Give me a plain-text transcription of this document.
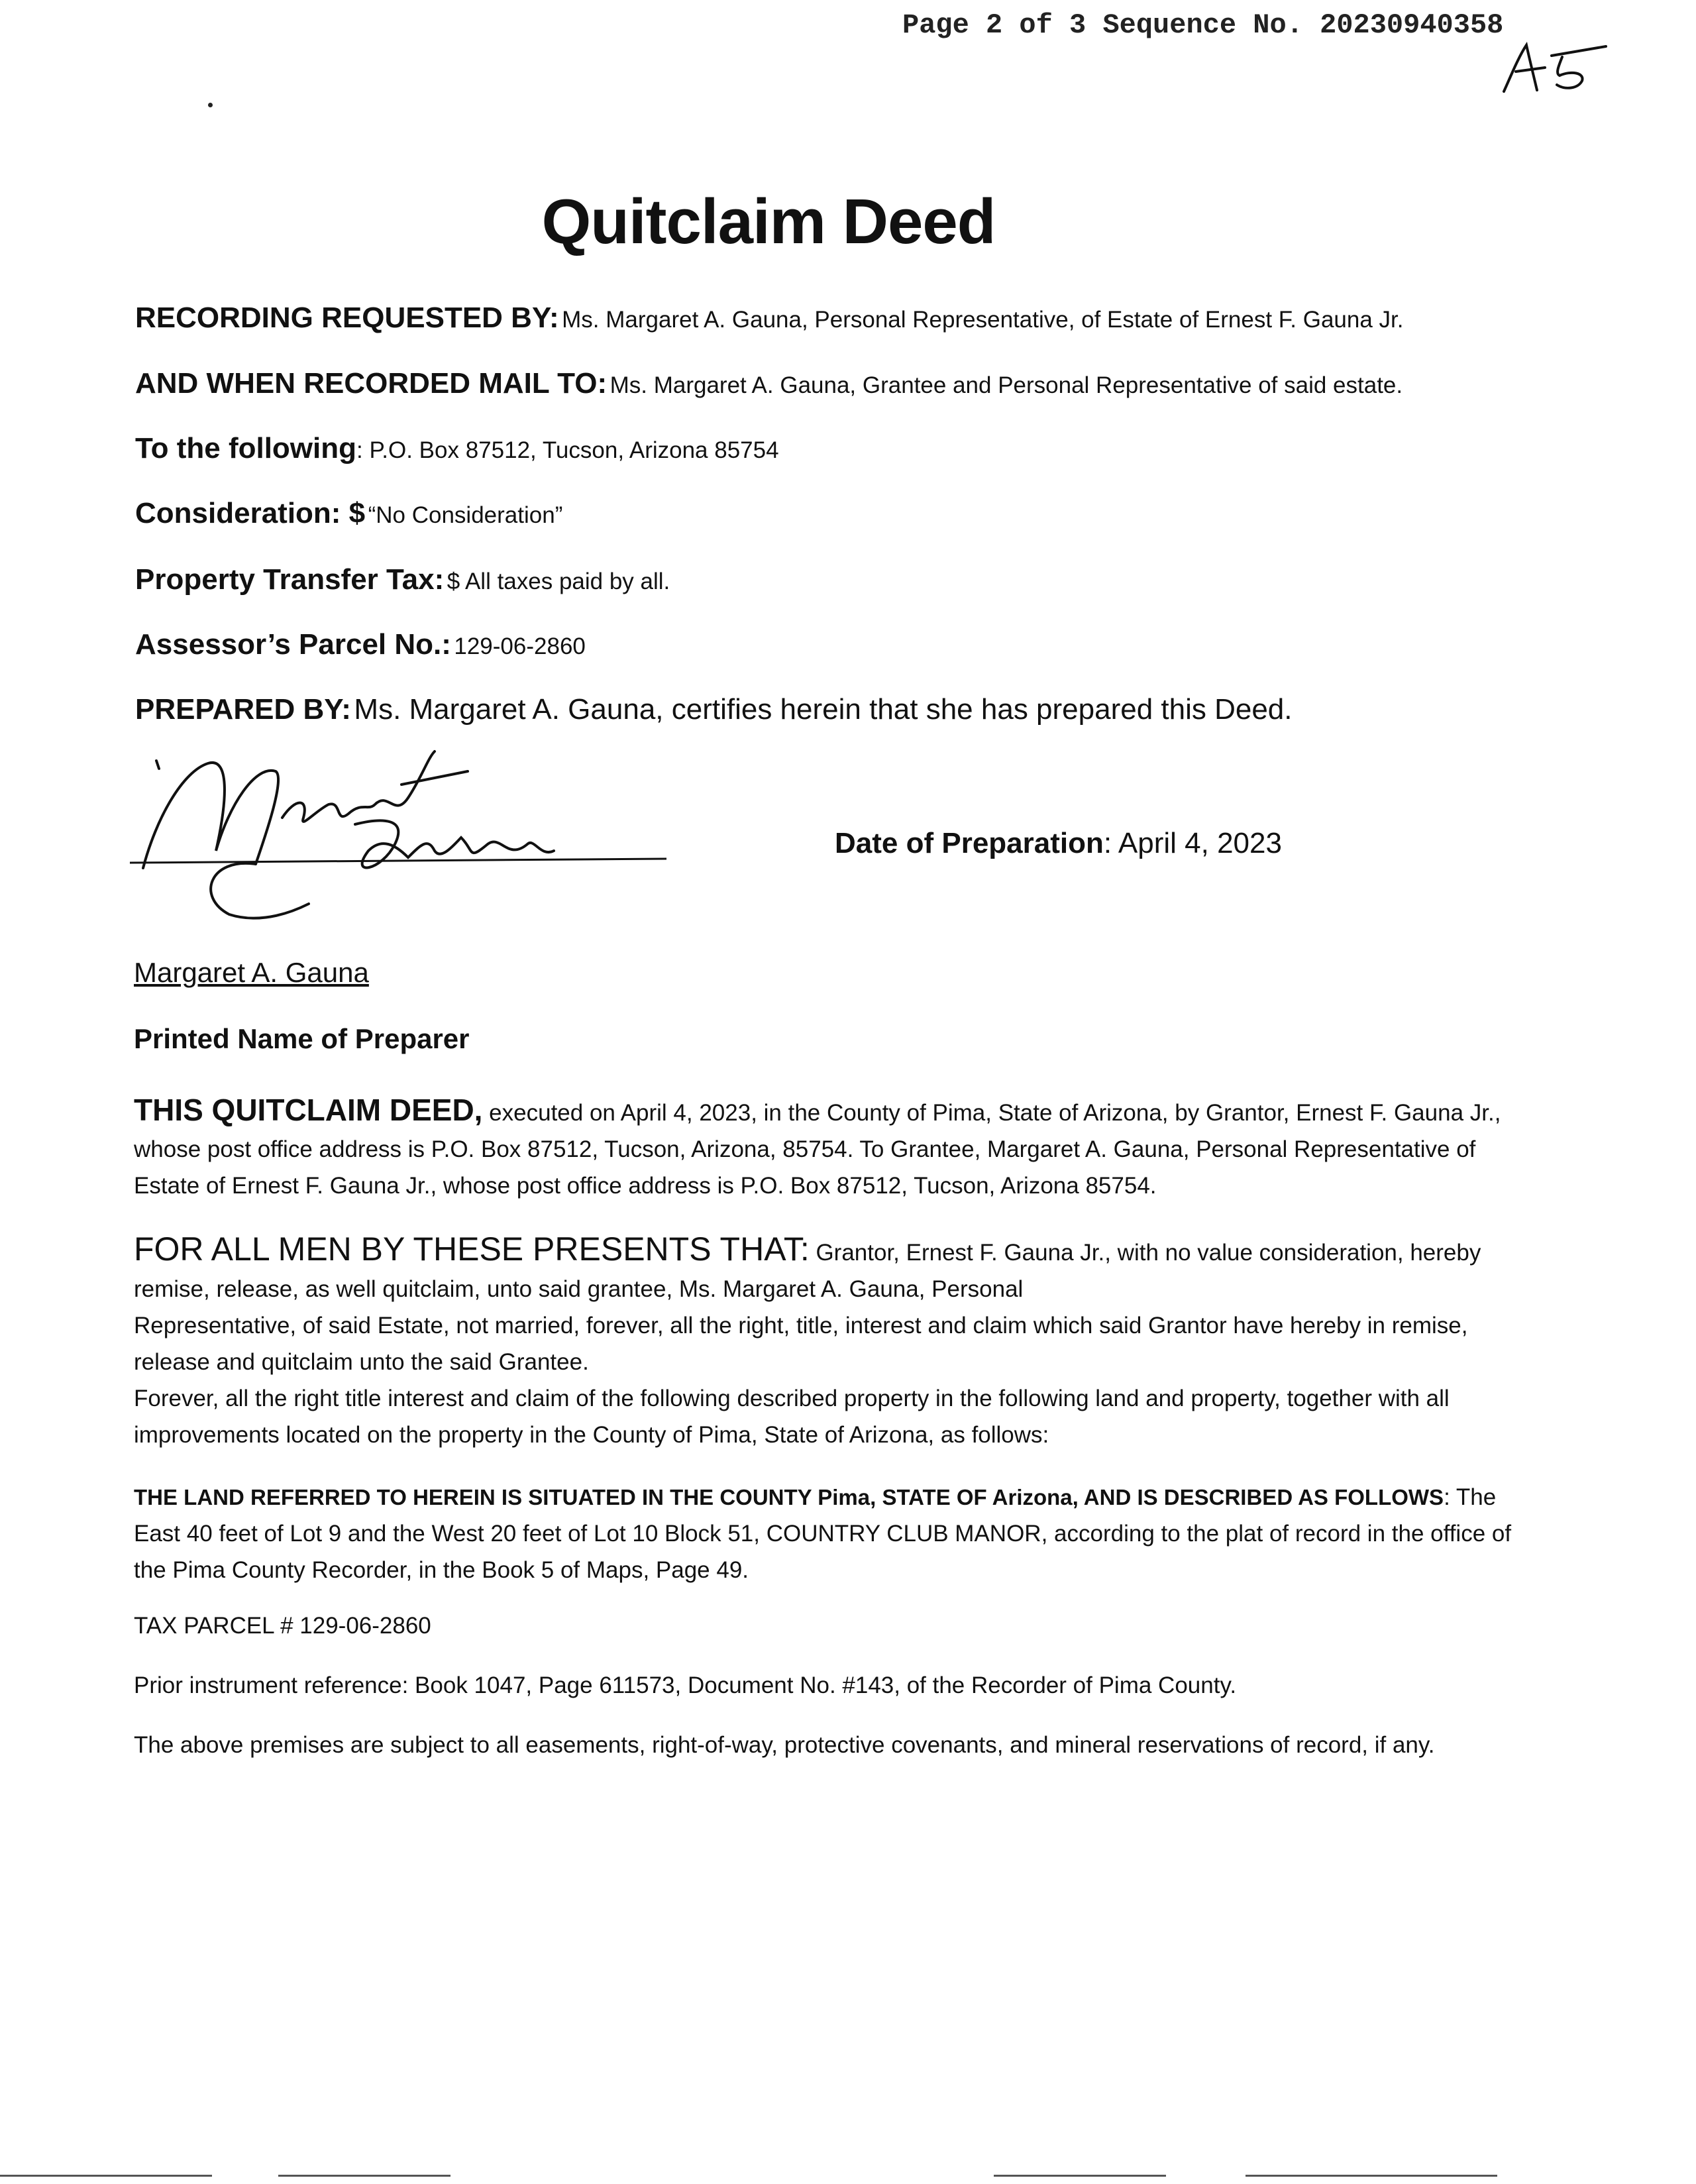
Page 2 of 3 Sequence No. 20230940358
Quitclaim Deed
RECORDING REQUESTED BY: Ms. Margaret A. Gauna, Personal Representative, of Estate of Ernest F. Gauna Jr.
AND WHEN RECORDED MAIL TO: Ms. Margaret A. Gauna, Grantee and Personal Representative of said estate.
To the following: P.O. Box 87512, Tucson, Arizona 85754
Consideration: $ “No Consideration”
Property Transfer Tax: $ All taxes paid by all.
Assessor’s Parcel No.: 129-06-2860
PREPARED BY: Ms. Margaret A. Gauna, certifies herein that she has prepared this Deed.
Date of Preparation: April 4, 2023
Margaret A. Gauna
Printed Name of Preparer
THIS QUITCLAIM DEED, executed on April 4, 2023, in the County of Pima, State of Arizona, by Grantor, Ernest F. Gauna Jr., whose post office address is P.O. Box 87512, Tucson, Arizona, 85754. To Grantee, Margaret A. Gauna, Personal Representative of Estate of Ernest F. Gauna Jr., whose post office address is P.O. Box 87512, Tucson, Arizona 85754.
FOR ALL MEN BY THESE PRESENTS THAT: Grantor, Ernest F. Gauna Jr., with no value consideration, hereby remise, release, as well quitclaim, unto said grantee, Ms. Margaret A. Gauna, Personal
Representative, of said Estate, not married, forever, all the right, title, interest and claim which said Grantor have hereby in remise, release and quitclaim unto the said Grantee.
Forever, all the right title interest and claim of the following described property in the following land and property, together with all improvements located on the property in the County of Pima, State of Arizona, as follows:
THE LAND REFERRED TO HEREIN IS SITUATED IN THE COUNTY Pima, STATE OF Arizona, AND IS DESCRIBED AS FOLLOWS: The East 40 feet of Lot 9 and the West 20 feet of Lot 10 Block 51, COUNTRY CLUB MANOR, according to the plat of record in the office of the Pima County Recorder, in the Book 5 of Maps, Page 49.
TAX PARCEL # 129-06-2860
Prior instrument reference: Book 1047, Page 611573, Document No. #143, of the Recorder of Pima County.
The above premises are subject to all easements, right-of-way, protective covenants, and mineral reservations of record, if any.
